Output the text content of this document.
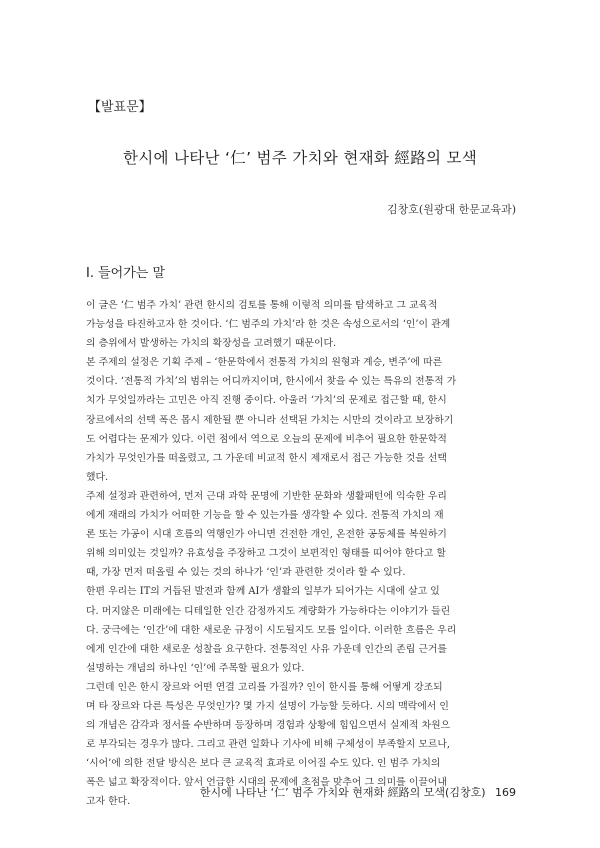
【발표문】
한시에 나타난 ‘仁’ 범주 가치와 현재화 經路의 모색
김창호(원광대 한문교육과)
Ⅰ. 들어가는 말
이 글은 ‘仁 범주 가치’ 관련 한시의 검토를 통해 이렇적 의미를 탐색하고 그 교육적
가능성을 타진하고자 한 것이다. ‘仁 범주의 가치’라 한 것은 속성으로서의 ‘인’이 관계
의 층위에서 발생하는 가치의 확장성을 고려했기 때문이다.
본 주제의 설정은 기획 주제 – ‘한문학에서 전통적 가치의 원형과 계승, 변주’에 따른
것이다. ‘전통적 가치’의 범위는 어디까지이며, 한시에서 찾을 수 있는 특유의 전통적 가
치가 무엇일까라는 고민은 아직 진행 중이다. 아울러 ‘가치’의 문제로 접근할 때, 한시
장르에서의 선택 폭은 몹시 제한될 뿐 아니라 선택된 가치는 시만의 것이라고 보장하기
도 어렵다는 문제가 있다. 이런 점에서 역으로 오늘의 문제에 비추어 필요한 한문학적
가치가 무엇인가를 떠올렸고, 그 가운데 비교적 한시 제재로서 접근 가능한 것을 선택
했다.
주제 설정과 관련하여, 먼저 근대 과학 문명에 기반한 문화와 생활패턴에 익숙한 우리
에게 재래의 가치가 어떠한 기능을 할 수 있는가를 생각할 수 있다. 전통적 가치의 재
론 또는 가공이 시대 흐름의 역행인가 아니면 건전한 개인, 온전한 공동체를 복원하기
위해 의미있는 것일까? 유효성을 주장하고 그것이 보편적인 형태를 띠어야 한다고 할
때, 가장 먼저 떠올릴 수 있는 것의 하나가 ‘인’과 관련한 것이라 할 수 있다.
한편 우리는 IT의 거듭된 발전과 함께 AI가 생활의 일부가 되어가는 시대에 살고 있
다. 머지않은 미래에는 디테일한 인간 감정까지도 계량화가 가능하다는 이야기가 들린
다. 궁극에는 ‘인간’에 대한 새로운 규정이 시도될지도 모를 일이다. 이러한 흐름은 우리
에게 인간에 대한 새로운 성찰을 요구한다. 전통적인 사유 가운데 인간의 존립 근거를
설명하는 개념의 하나인 ‘인’에 주목할 필요가 있다.
그런데 인은 한시 장르와 어떤 연결 고리를 가질까? 인이 한시를 통해 어떻게 강조되
며 타 장르와 다른 특성은 무엇인가? 몇 가지 설명이 가능할 듯하다. 시의 맥락에서 인
의 개념은 감각과 정서를 수반하며 등장하며 경험과 상황에 힘입으면서 실제적 차원으
로 부각되는 경우가 많다. 그리고 관련 일화나 기사에 비해 구체성이 부족할지 모르나,
‘시어’에 의한 전달 방식은 보다 큰 교육적 효과로 이어질 수도 있다. 인 범주 가치의
폭은 넓고 확장적이다. 앞서 언급한 시대의 문제에 초점을 맞추어 그 의미를 이끌어내
고자 한다.
한시에 나타난 ‘仁’ 범주 가치와 현재화 經路의 모색(김창호) 169
